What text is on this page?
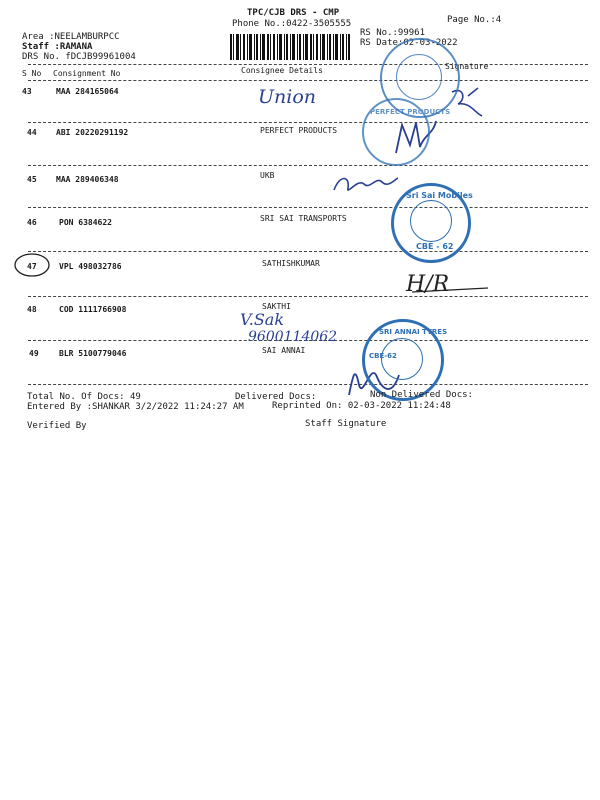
TPC/CJB DRS - CMP
Phone No.:0422-3505555	Page No.:4
Area :NEELAMBURPCC
Staff :RAMANA
DRS No. fDCJB99961004
RS No.:99961
RS Date:02-03-2022
S No Consignment No	Consignee Details	Signature
43	MAA 284165064
44 ABI 20220291192	PERFECT PRODUCTS
45 MAA 289406348	UKB
46	PON 6384622	SRI SAI TRANSPORTS
47	VPL 498032786	SATHISHKUMAR
48	COD 1111766908	SAKTHI
49	BLR 5100779046	SAI ANNAI
Union
V.Sak
9600114062
H/R
PERFECT PRODUCTS
Sri Sai Mobiles
CBE - 62
SRI ANNAI TYRES
CBE-62
Total No. Of Docs: 49	Delivered Docs:	Non Delivered Docs:
Entered By :SHANKAR 3/2/2022 11:24:27 AM	Reprinted On: 02-03-2022 11:24:48
Verified By	Staff Signature
